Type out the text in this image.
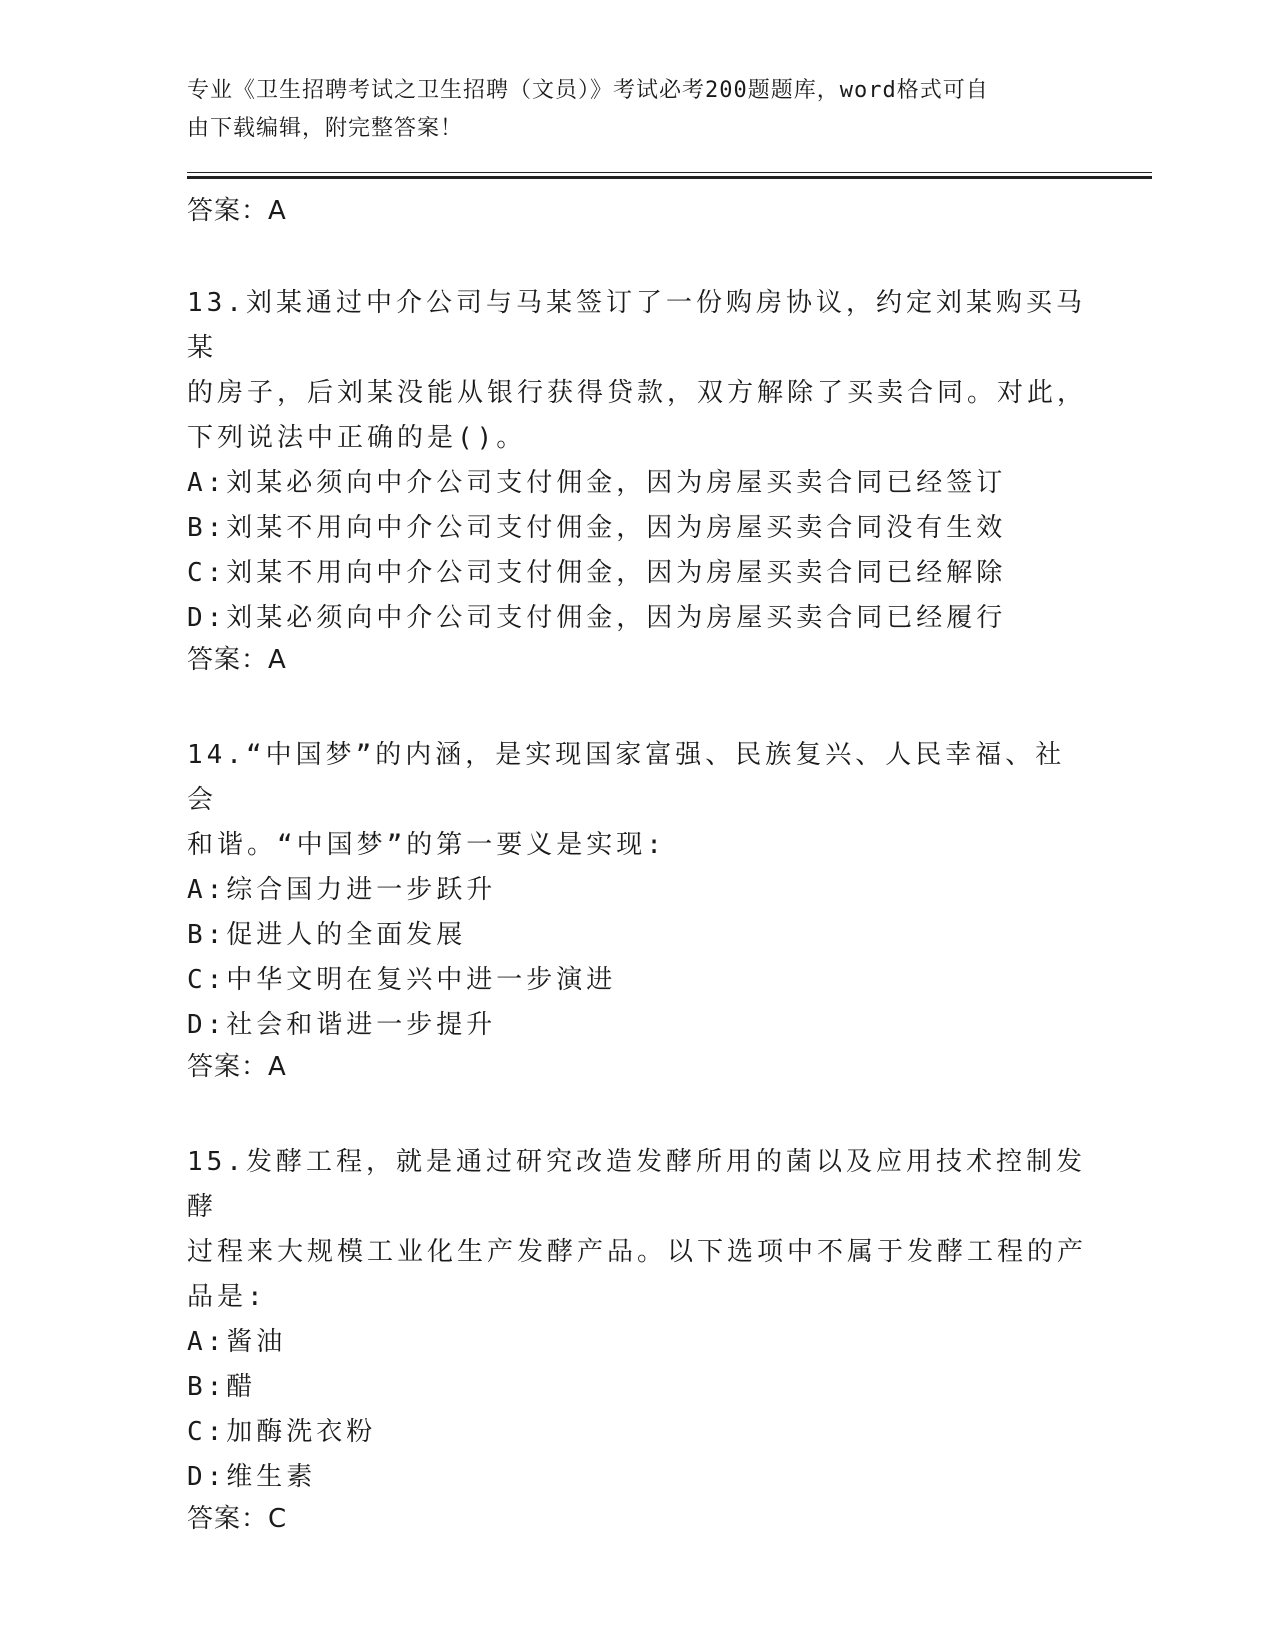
专业《卫生招聘考试之卫生招聘（文员）》考试必考200题题库，word格式可自
由下载编辑，附完整答案！
答案：A
13.刘某通过中介公司与马某签订了一份购房协议，约定刘某购买马某
的房子，后刘某没能从银行获得贷款，双方解除了买卖合同。对此，
下列说法中正确的是()。
A:刘某必须向中介公司支付佣金，因为房屋买卖合同已经签订
B:刘某不用向中介公司支付佣金，因为房屋买卖合同没有生效
C:刘某不用向中介公司支付佣金，因为房屋买卖合同已经解除
D:刘某必须向中介公司支付佣金，因为房屋买卖合同已经履行
答案：A
14.“中国梦”的内涵，是实现国家富强、民族复兴、人民幸福、社会
和谐。“中国梦”的第一要义是实现:
A:综合国力进一步跃升
B:促进人的全面发展
C:中华文明在复兴中进一步演进
D:社会和谐进一步提升
答案：A
15.发酵工程，就是通过研究改造发酵所用的菌以及应用技术控制发酵
过程来大规模工业化生产发酵产品。以下选项中不属于发酵工程的产
品是:
A:酱油
B:醋
C:加酶洗衣粉
D:维生素
答案：C
